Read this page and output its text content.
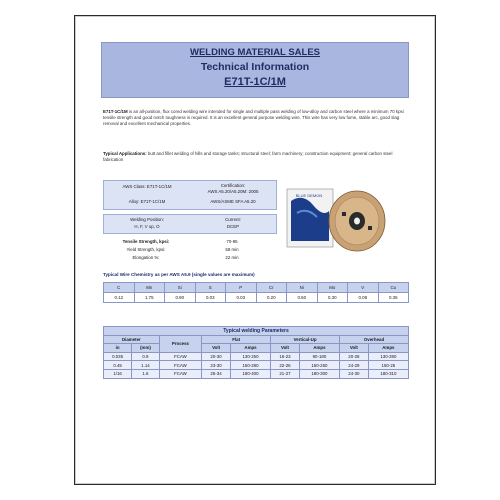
WELDING MATERIAL SALES
Technical Information
E71T-1C/1M
E71T-1C/1M is an all-position, flux cored welding wire intended for single and multiple pass welding of low-alloy and carbon steel where a minimum 70 kpsi tensile strength and good notch toughness is required. It is an excellent general purpose welding wire. This wire has very low fume, stable arc, good slag removal and excellent mechanical properties.
Typical Applications: butt and fillet welding of hills and storage tanks; structural steel; farm machinery; construction equipment; general carbon steel fabrication
AWS Class: E71T-1C/1M	Certification:
AWS A5.20/A5.20M: 2005
Alloy: E71T-1C/1M	AWS/ASME SFA A5.20
Welding Position:
H, F, V up, O
Current:
DCEP
Tensile Strength, kpsi:	70-95
Yield Strength, kpsi:	58 min
Elongation %:	22 min
BLUE DEMON
Typical Wire Chemistry as per AWS A5.9 (single values are maximum)
C	Mn	Si	S	P	Cr	Ni	Mo	V	Cu
0.12	1.75	0.90	0.03	0.03	0.20	0.50	0.30	0.08	0.35
Typical welding Parameters								
Diameter		Process	Flat		Vertical-Up		Overhead	
in	(mm)		Volt	Amps	Volt	Amps	Volt	Amps
0.035	0.9	FCAW	20-30	130-250	16-23	90-180	20-28	130-280
0.45	1.14	FCAW	23-30	150-280	22-26	150-250	24-29	150-25
1/16	1.6	FCAW	25-34	180-400	21-27	180-300	24-30	180-310
